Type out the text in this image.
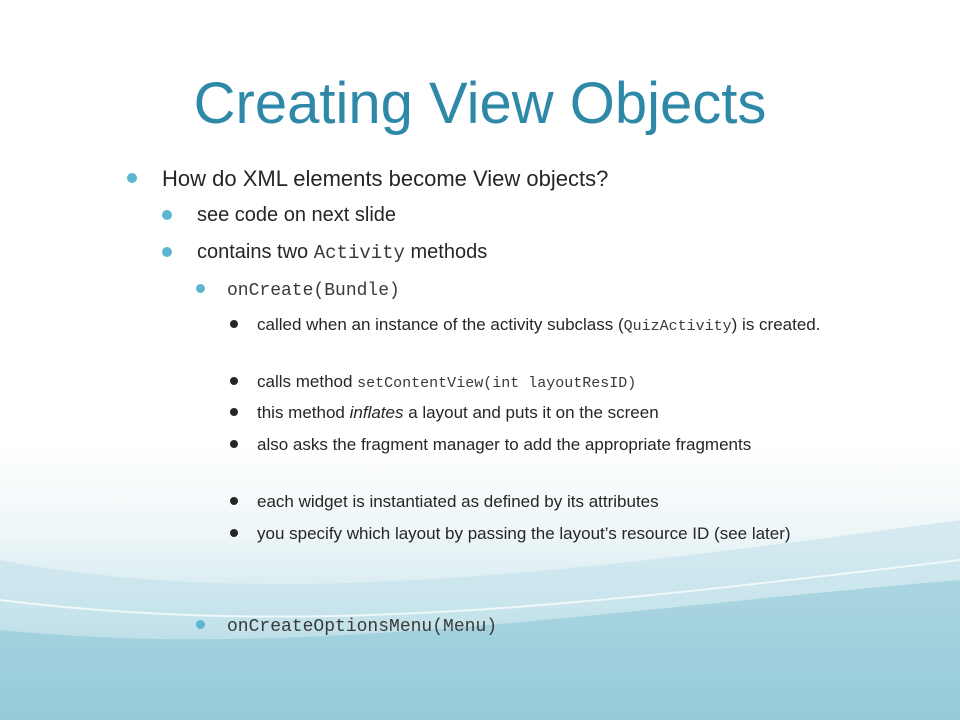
Creating View Objects
How do XML elements become View objects?
see code on next slide
contains two Activity methods
onCreate(Bundle)
called when an instance of the activity subclass (QuizActivity) is created.
calls method setContentView(int layoutResID)
this method inflates a layout and puts it on the screen
also asks the fragment manager to add the appropriate fragments
each widget is instantiated as defined by its attributes
you specify which layout by passing the layout’s resource ID (see later)
onCreateOptionsMenu(Menu)
